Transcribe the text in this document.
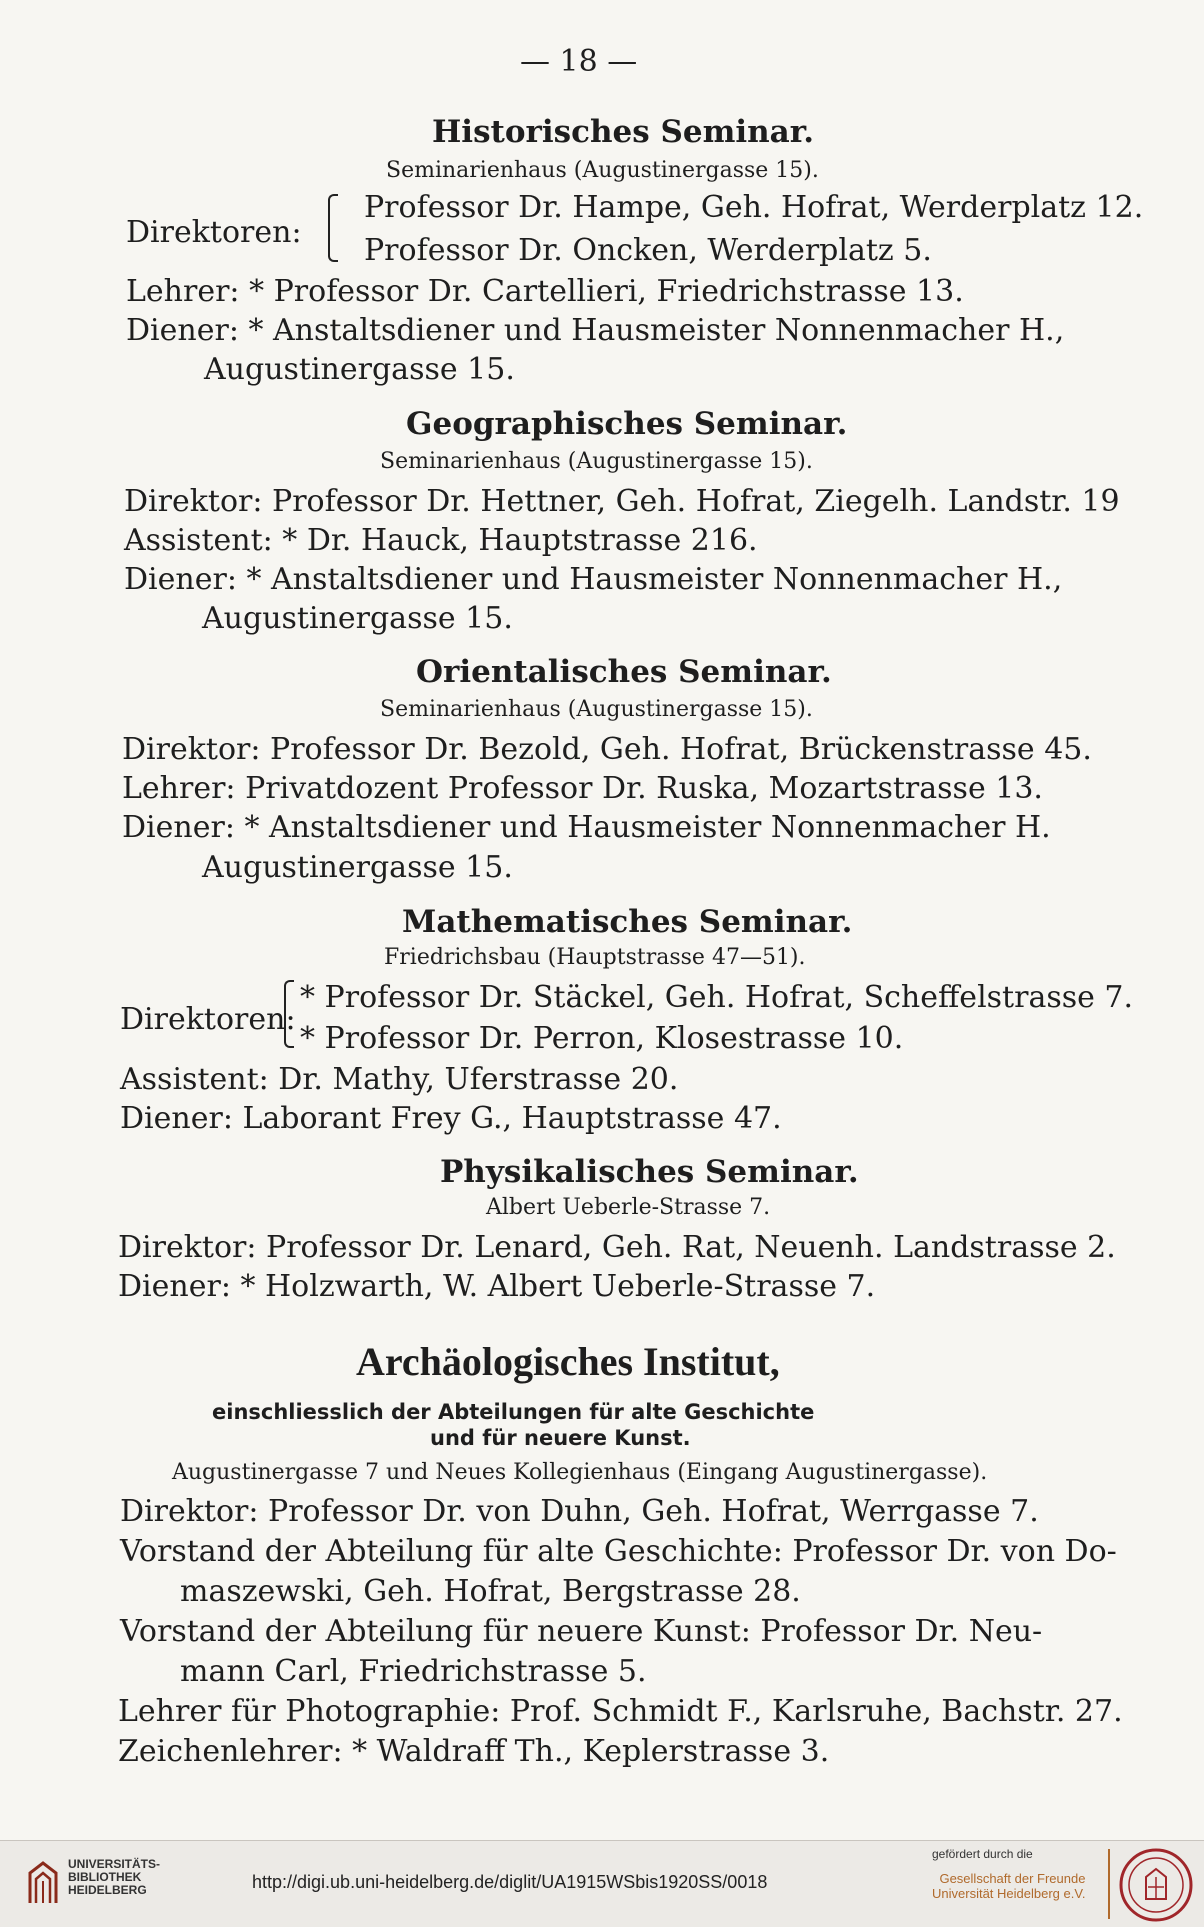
— 18 —
Historisches Seminar.
Seminarienhaus (Augustinergasse 15).
Direktoren:
Professor Dr. Hampe, Geh. Hofrat, Werderplatz 12.
Professor Dr. Oncken, Werderplatz 5.
Lehrer: * Professor Dr. Cartellieri, Friedrichstrasse 13.
Diener: * Anstaltsdiener und Hausmeister Nonnenmacher H.,
Augustinergasse 15.
Geographisches Seminar.
Seminarienhaus (Augustinergasse 15).
Direktor: Professor Dr. Hettner, Geh. Hofrat, Ziegelh. Landstr. 19
Assistent: * Dr. Hauck, Hauptstrasse 216.
Diener: * Anstaltsdiener und Hausmeister Nonnenmacher H.,
Augustinergasse 15.
Orientalisches Seminar.
Seminarienhaus (Augustinergasse 15).
Direktor: Professor Dr. Bezold, Geh. Hofrat, Brückenstrasse 45.
Lehrer: Privatdozent Professor Dr. Ruska, Mozartstrasse 13.
Diener: * Anstaltsdiener und Hausmeister Nonnenmacher H.
Augustinergasse 15.
Mathematisches Seminar.
Friedrichsbau (Hauptstrasse 47—51).
Direktoren:
* Professor Dr. Stäckel, Geh. Hofrat, Scheffelstrasse 7.
* Professor Dr. Perron, Klosestrasse 10.
Assistent: Dr. Mathy, Uferstrasse 20.
Diener: Laborant Frey G., Hauptstrasse 47.
Physikalisches Seminar.
Albert Ueberle-Strasse 7.
Direktor: Professor Dr. Lenard, Geh. Rat, Neuenh. Landstrasse 2.
Diener: * Holzwarth, W. Albert Ueberle-Strasse 7.
Archäologisches Institut,
einschliesslich der Abteilungen für alte Geschichte
und für neuere Kunst.
Augustinergasse 7 und Neues Kollegienhaus (Eingang Augustinergasse).
Direktor: Professor Dr. von Duhn, Geh. Hofrat, Werrgasse 7.
Vorstand der Abteilung für alte Geschichte: Professor Dr. von Do-
maszewski, Geh. Hofrat, Bergstrasse 28.
Vorstand der Abteilung für neuere Kunst: Professor Dr. Neu-
mann Carl, Friedrichstrasse 5.
Lehrer für Photographie: Prof. Schmidt F., Karlsruhe, Bachstr. 27.
Zeichenlehrer: * Waldraff Th., Keplerstrasse 3.
UNIVERSITÄTS-
BIBLIOTHEK
HEIDELBERG	http://digi.ub.uni-heidelberg.de/diglit/UA1915WSbis1920SS/0018
gefördert durch die
Gesellschaft der Freunde
Universität Heidelberg e.V.
